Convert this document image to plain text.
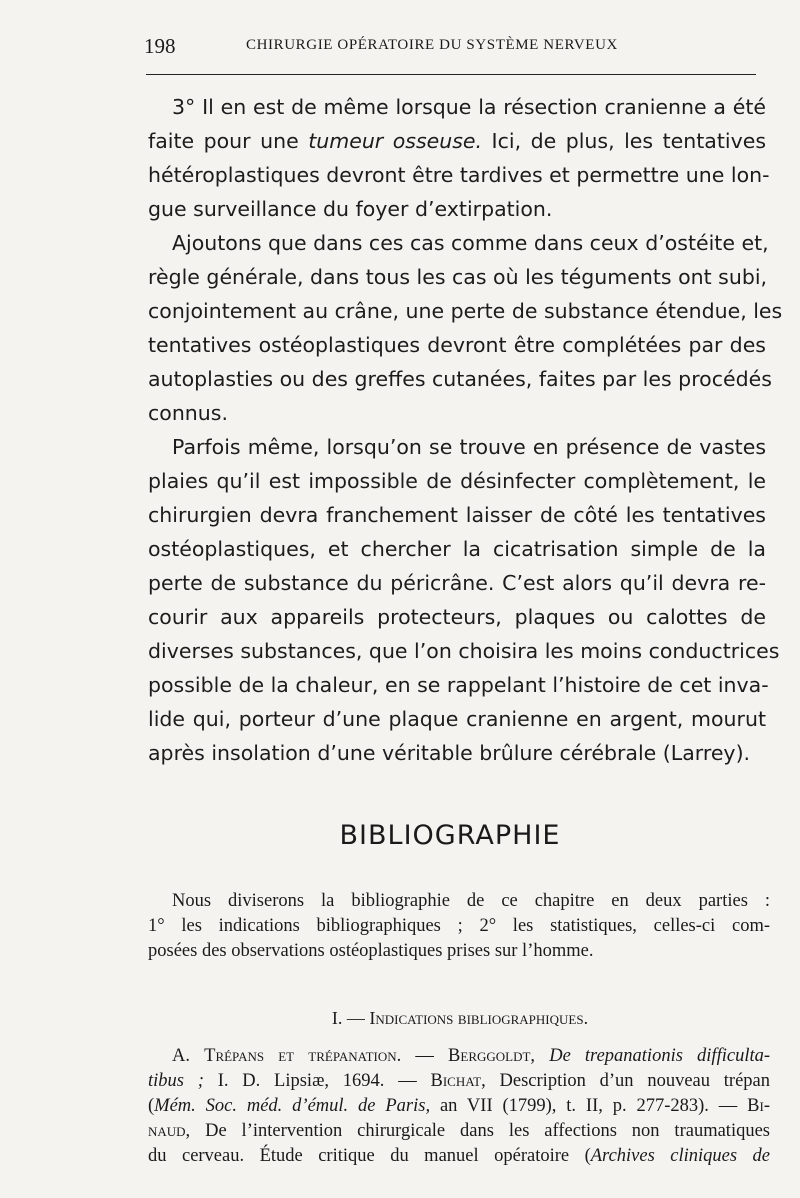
198	CHIRURGIE OPÉRATOIRE DU SYSTÈME NERVEUX

3° Il en est de même lorsque la résection cranienne a été
faite pour une tumeur osseuse. Ici, de plus, les tentatives
hétéroplastiques devront être tardives et permettre une lon-
gue surveillance du foyer d’extirpation.

Ajoutons que dans ces cas comme dans ceux d’ostéite et,
règle générale, dans tous les cas où les téguments ont subi,
conjointement au crâne, une perte de substance étendue, les
tentatives ostéoplastiques devront être complétées par des
autoplasties ou des greffes cutanées, faites par les procédés
connus.

Parfois même, lorsqu’on se trouve en présence de vastes
plaies qu’il est impossible de désinfecter complètement, le
chirurgien devra franchement laisser de côté les tentatives
ostéoplastiques, et chercher la cicatrisation simple de la
perte de substance du péricrâne. C’est alors qu’il devra re-
courir aux appareils protecteurs, plaques ou calottes de
diverses substances, que l’on choisira les moins conductrices
possible de la chaleur, en se rappelant l’histoire de cet inva-
lide qui, porteur d’une plaque cranienne en argent, mourut
après insolation d’une véritable brûlure cérébrale (Larrey).

BIBLIOGRAPHIE
Nous diviserons la bibliographie de ce chapitre en deux parties :
1° les indications bibliographiques ; 2° les statistiques, celles-ci com-
posées des observations ostéoplastiques prises sur l’homme.
I. — Indications bibliographiques.
A. Trépans et trépanation. — Berggoldt, De trepanationis difficulta-
tibus ; I. D. Lipsiæ, 1694. — Bichat, Description d’un nouveau trépan
(Mém. Soc. méd. d’émul. de Paris, an VII (1799), t. II, p. 277-283). — Bi-
naud, De l’intervention chirurgicale dans les affections non traumatiques
du cerveau. Étude critique du manuel opératoire (Archives cliniques de
